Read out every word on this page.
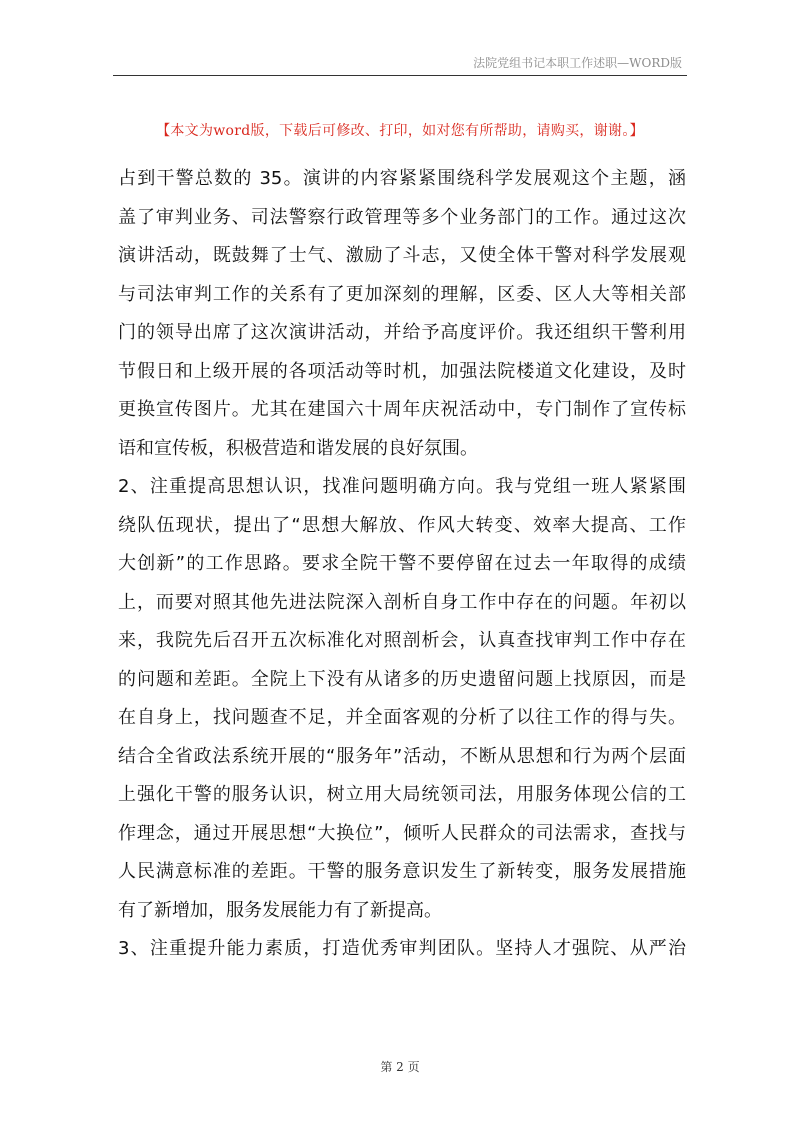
法院党组书记本职工作述职—WORD版
【本文为word版，下载后可修改、打印，如对您有所帮助，请购买，谢谢。】
占到干警总数的 35。演讲的内容紧紧围绕科学发展观这个主题，涵
盖了审判业务、司法警察行政管理等多个业务部门的工作。通过这次
演讲活动，既鼓舞了士气、激励了斗志，又使全体干警对科学发展观
与司法审判工作的关系有了更加深刻的理解，区委、区人大等相关部
门的领导出席了这次演讲活动，并给予高度评价。我还组织干警利用
节假日和上级开展的各项活动等时机，加强法院楼道文化建设，及时
更换宣传图片。尤其在建国六十周年庆祝活动中，专门制作了宣传标
语和宣传板，积极营造和谐发展的良好氛围。
2、注重提高思想认识，找准问题明确方向。我与党组一班人紧紧围
绕队伍现状，提出了“思想大解放、作风大转变、效率大提高、工作
大创新”的工作思路。要求全院干警不要停留在过去一年取得的成绩
上，而要对照其他先进法院深入剖析自身工作中存在的问题。年初以
来，我院先后召开五次标准化对照剖析会，认真查找审判工作中存在
的问题和差距。全院上下没有从诸多的历史遗留问题上找原因，而是
在自身上，找问题查不足，并全面客观的分析了以往工作的得与失。
结合全省政法系统开展的“服务年”活动，不断从思想和行为两个层面
上强化干警的服务认识，树立用大局统领司法，用服务体现公信的工
作理念，通过开展思想“大换位”，倾听人民群众的司法需求，查找与
人民满意标准的差距。干警的服务意识发生了新转变，服务发展措施
有了新增加，服务发展能力有了新提高。
3、注重提升能力素质，打造优秀审判团队。坚持人才强院、从严治
第 2 页
